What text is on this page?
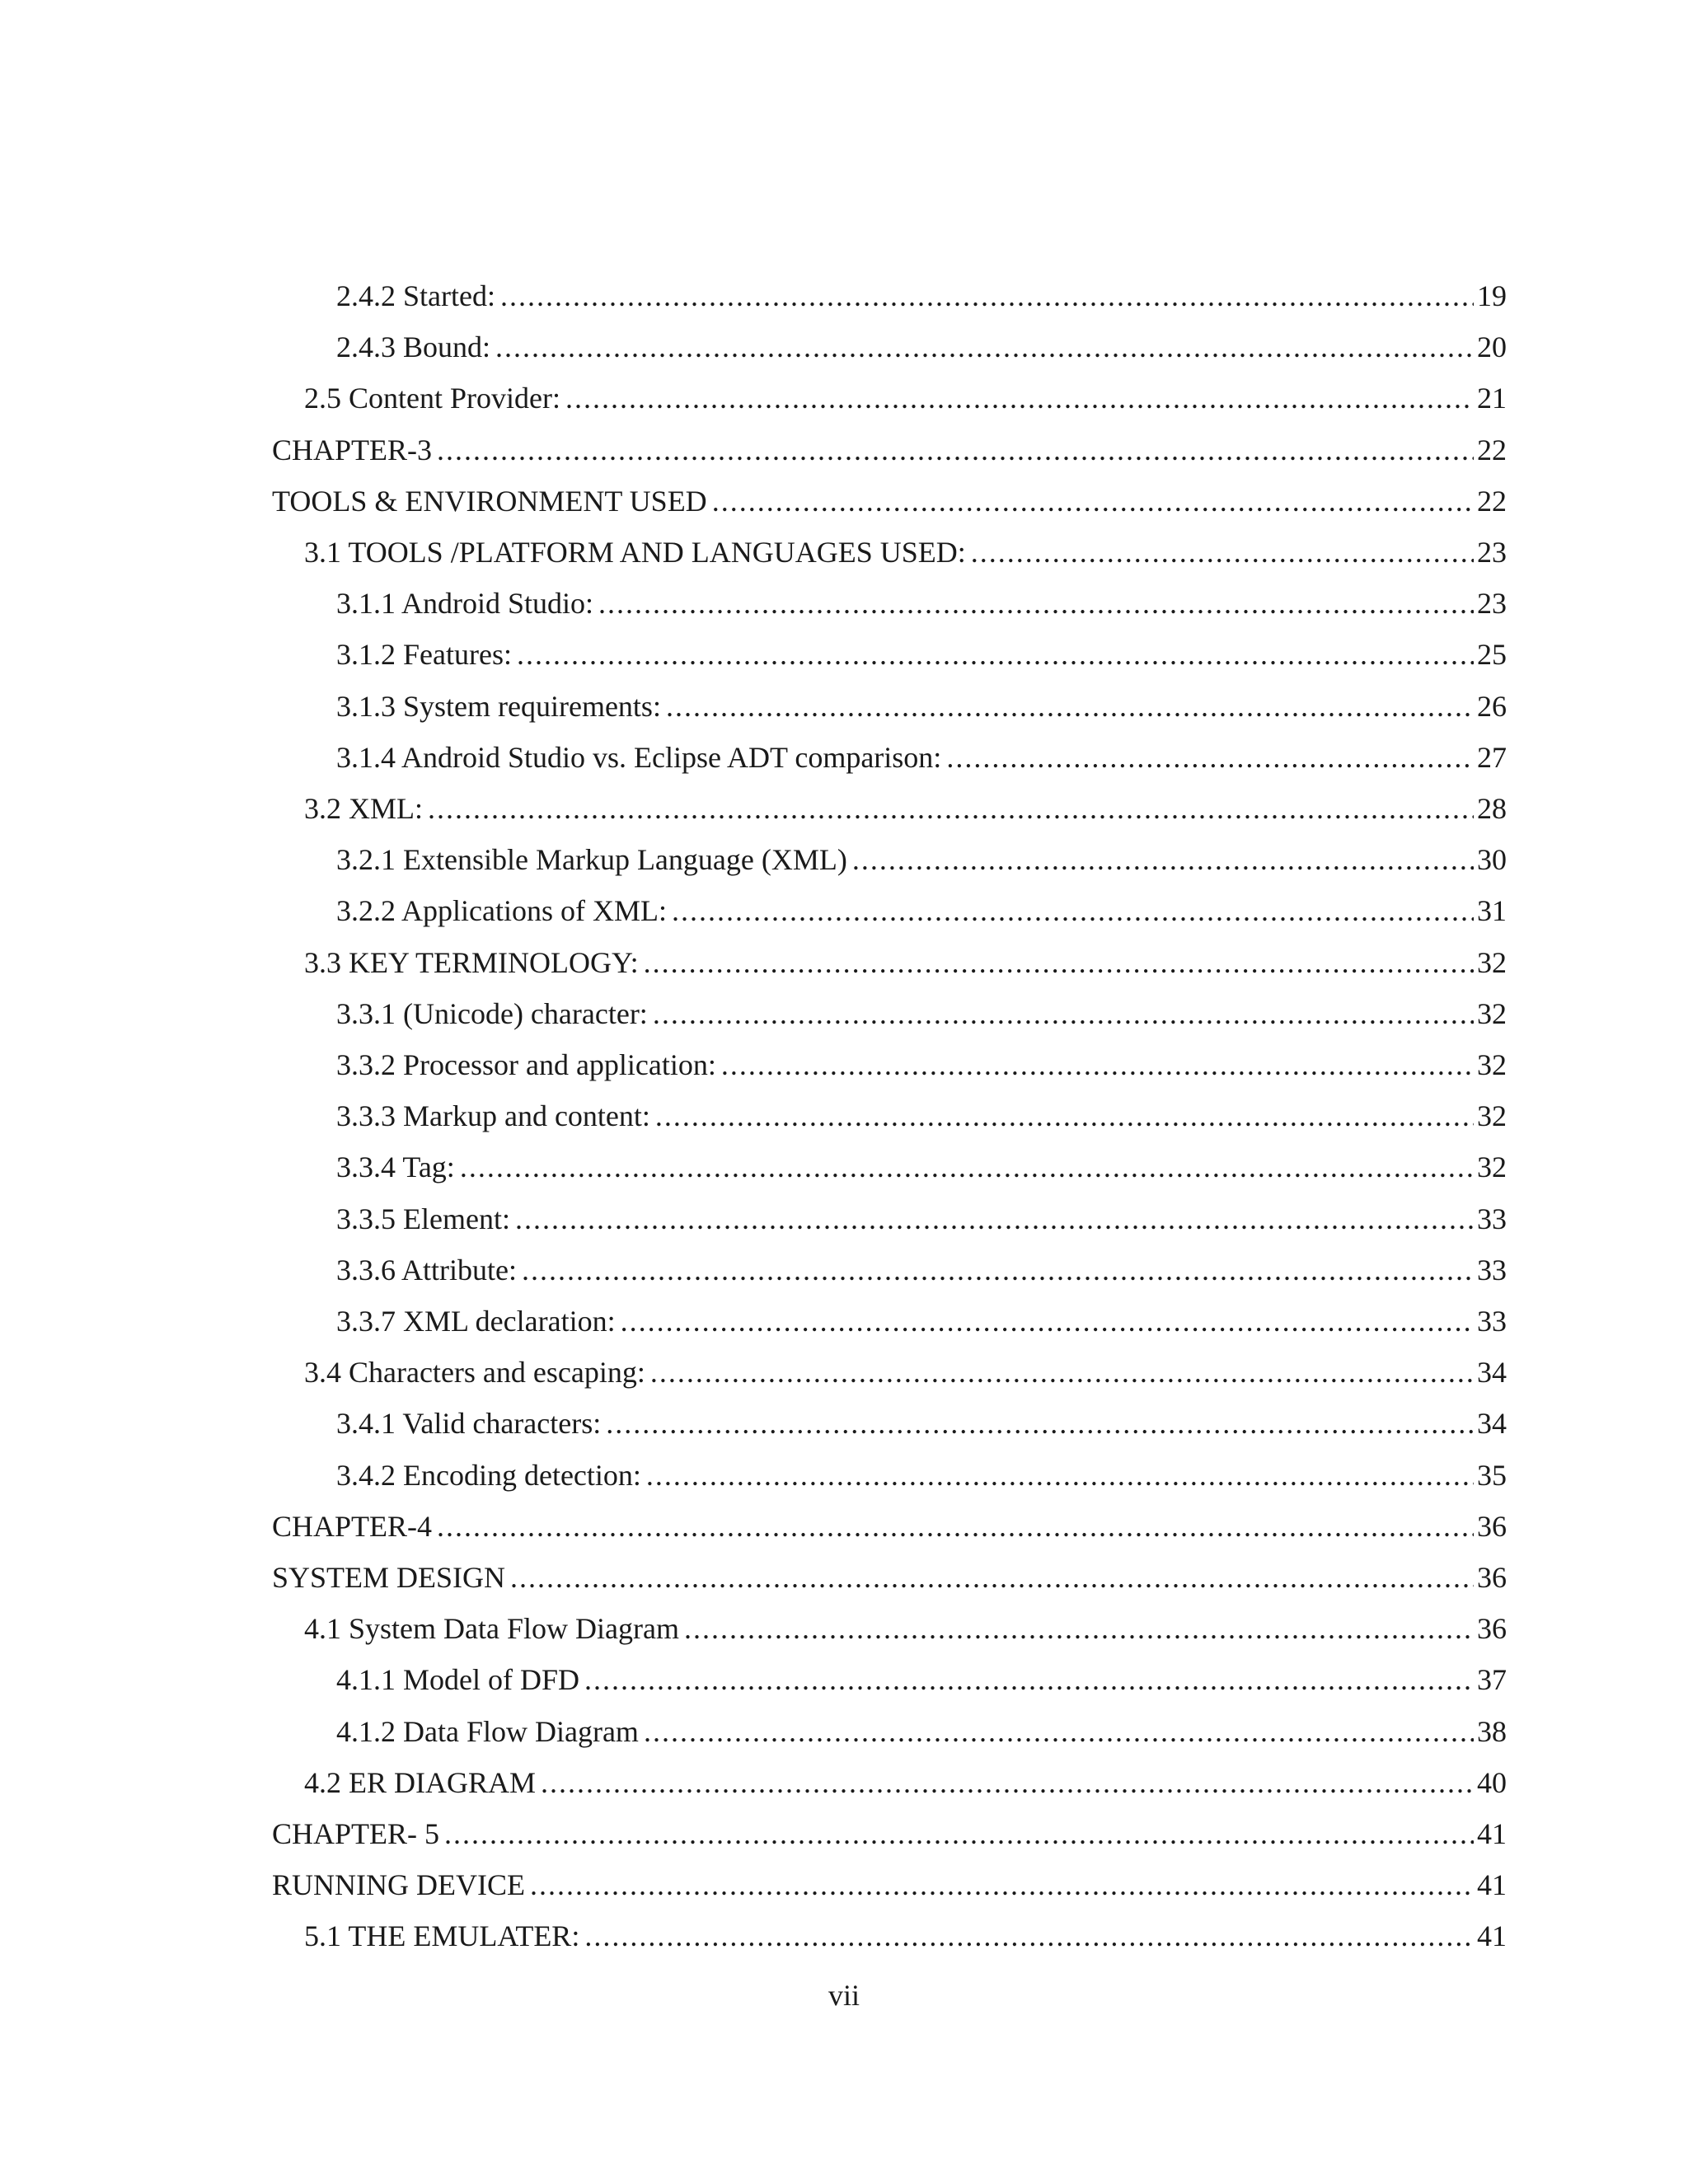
2.4.2 Started: .....	19
2.4.3 Bound: .....	20
2.5 Content Provider: .....	21
CHAPTER-3 .....	22
TOOLS & ENVIRONMENT USED .....	22
3.1 TOOLS /PLATFORM AND LANGUAGES USED: .....	23
3.1.1 Android Studio: .....	23
3.1.2 Features: .....	25
3.1.3 System requirements: .....	26
3.1.4 Android Studio vs. Eclipse ADT comparison: .....	27
3.2 XML: .....	28
3.2.1 Extensible Markup Language (XML) .....	30
3.2.2 Applications of XML: .....	31
3.3 KEY TERMINOLOGY: .....	32
3.3.1 (Unicode) character: .....	32
3.3.2 Processor and application: .....	32
3.3.3 Markup and content: .....	32
3.3.4 Tag: .....	32
3.3.5 Element: .....	33
3.3.6 Attribute: .....	33
3.3.7 XML declaration: .....	33
3.4 Characters and escaping: .....	34
3.4.1 Valid characters: .....	34
3.4.2 Encoding detection: .....	35
CHAPTER-4 .....	36
SYSTEM DESIGN .....	36
4.1 System Data Flow Diagram .....	36
4.1.1 Model of DFD .....	37
4.1.2 Data Flow Diagram .....	38
4.2 ER DIAGRAM .....	40
CHAPTER- 5 .....	41
RUNNING DEVICE .....	41
5.1 THE EMULATER: .....	41
vii
